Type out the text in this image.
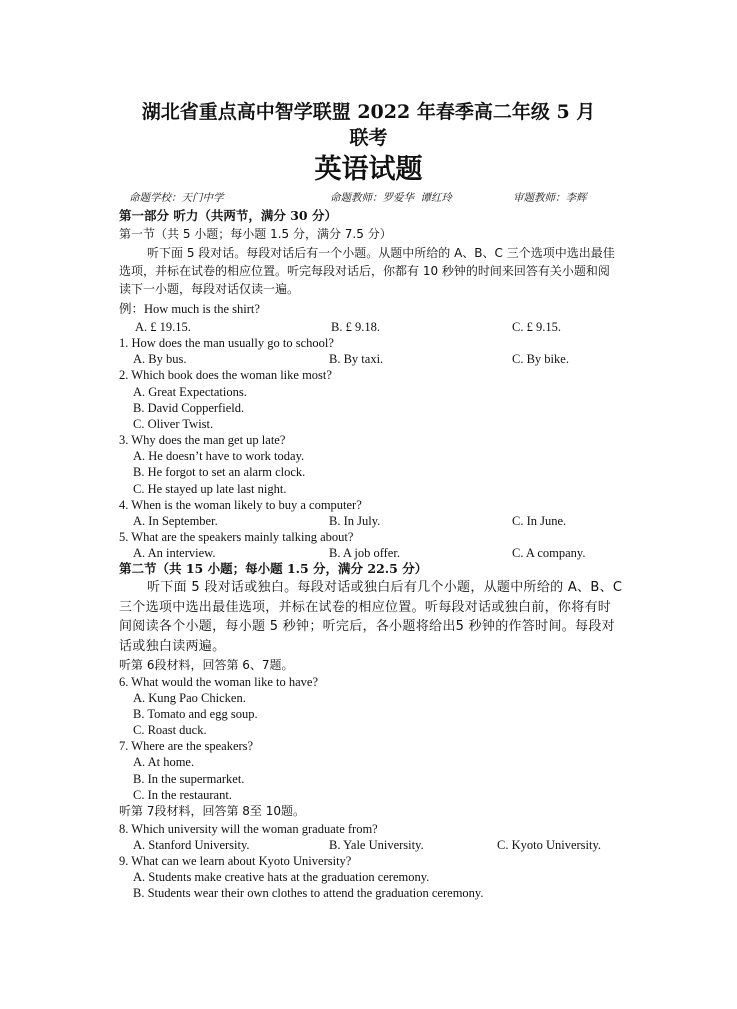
湖北省重点高中智学联盟 2022 年春季高二年级 5 月
联考
英语试题
命题学校：天门中学	命题教师：罗爱华 谭红玲	审题教师：李辉
第一部分 听力（共两节，满分 30 分）
第一节（共 5 小题；每小题 1.5 分，满分 7.5 分）
听下面 5 段对话。每段对话后有一个小题。从题中所给的 A、B、C 三个选项中选出最佳选项，并标在试卷的相应位置。听完每段对话后，你都有 10 秒钟的时间来回答有关小题和阅读下一小题，每段对话仅读一遍。
例：How much is the shirt?
A. £ 19.15.	B. £ 9.18.	C. £ 9.15.
1. How does the man usually go to school?
A. By bus.	B. By taxi.	C. By bike.
2. Which book does the woman like most?
A. Great Expectations.
B. David Copperfield.
C. Oliver Twist.
3. Why does the man get up late?
A. He doesn’t have to work today.
B. He forgot to set an alarm clock.
C. He stayed up late last night.
4. When is the woman likely to buy a computer?
A. In September.	B. In July.	C. In June.
5. What are the speakers mainly talking about?
A. An interview.	B. A job offer.	C. A company.
第二节（共 15 小题；每小题 1.5 分，满分 22.5 分）
听下面 5 段对话或独白。每段对话或独白后有几个小题，从题中所给的 A、B、C 三个选项中选出最佳选项，并标在试卷的相应位置。听每段对话或独白前，你将有时间阅读各个小题，每小题 5 秒钟；听完后，各小题将给出5 秒钟的作答时间。每段对话或独白读两遍。
听第 6段材料，回答第 6、7题。
6. What would the woman like to have?
A. Kung Pao Chicken.
B. Tomato and egg soup.
C. Roast duck.
7. Where are the speakers?
A. At home.
B. In the supermarket.
C. In the restaurant.
听第 7段材料，回答第 8至 10题。
8. Which university will the woman graduate from?
A. Stanford University.	B. Yale University.	C. Kyoto University.
9. What can we learn about Kyoto University?
A. Students make creative hats at the graduation ceremony.
B. Students wear their own clothes to attend the graduation ceremony.
